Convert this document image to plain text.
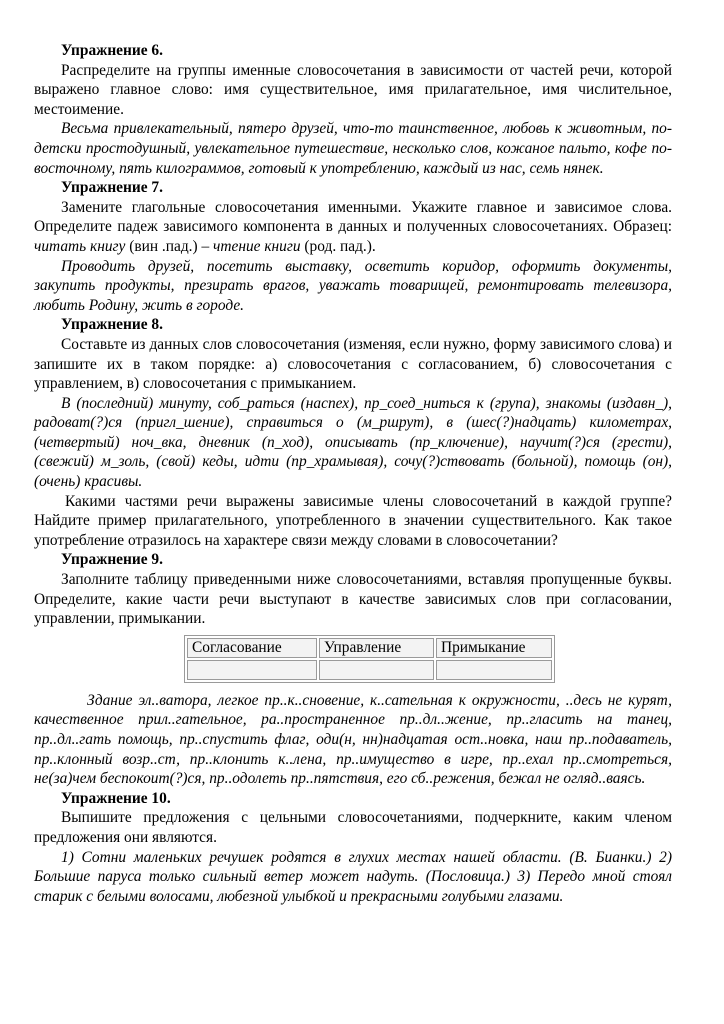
Упражнение 6.

Распределите на группы именные словосочетания в зависимости от частей речи, которой выражено главное слово: имя существительное, имя прилагательное, имя числительное, местоимение.

Весьма привлекательный, пятеро друзей, что-то таинственное, любовь к животным, по-детски простодушный, увлекательное путешествие, несколько слов, кожаное пальто, кофе по-восточному, пять килограммов, готовый к употреблению, каждый из нас, семь нянек.

Упражнение 7.

Замените глагольные словосочетания именными. Укажите главное и зависимое слова. Определите падеж зависимого компонента в данных и полученных словосочетаниях. Образец: читать книгу (вин .пад.) – чтение книги (род. пад.).

Проводить друзей, посетить выставку, осветить коридор, оформить документы, закупить продукты, презирать врагов, уважать товарищей, ремонтировать телевизора, любить Родину, жить в городе.

Упражнение 8.

Составьте из данных слов словосочетания (изменяя, если нужно, форму зависимого слова) и запишите их в таком порядке: а) словосочетания с согласованием, б) словосочетания с управлением, в) словосочетания с примыканием.

В (последний) минуту, соб_раться (наспех), пр_соед_ниться к (група), знакомы (издавн_), радоват(?)ся (пригл_шение), справиться о (м_ршрут), в (шес(?)надцать) километрах, (четвертый) ноч_вка, дневник (п_ход), описывать (пр_ключение), научит(?)ся (грести), (свежий) м_золь, (свой) кеды, идти (пр_храмывая), сочу(?)ствовать (больной), помощь (он), (очень) красивы.

Какими частями речи выражены зависимые члены словосочетаний в каждой группе? Найдите пример прилагательного, употребленного в значении существительного. Как такое употребление отразилось на характере связи между словами в словосочетании?

Упражнение 9.

Заполните таблицу приведенными ниже словосочетаниями, вставляя пропущенные буквы. Определите, какие части речи выступают в качестве зависимых слов при согласовании, управлении, примыкании.

Согласование	Управление	Примыкание

Здание эл..ватора, легкое пр..к..сновение, к..сательная к окружности, ..десь не курят, качественное прил..гательное, ра..пространенное пр..дл..жение, пр..гласить на танец, пр..дл..гать помощь, пр..спустить флаг, оди(н, нн)надцатая ост..новка, наш пр..подаватель, пр..клонный возр..ст, пр..клонить к..лена, пр..имущество в игре, пр..ехал пр..смотреться, не(за)чем беспокоит(?)ся, пр..одолеть пр..пятствия, его сб..режения, бежал не огляд..ваясь.

Упражнение 10.

Выпишите предложения с цельными словосочетаниями, подчеркните, каким членом предложения они являются.

1) Сотни маленьких речушек родятся в глухих местах нашей области. (В. Бианки.) 2) Большие паруса только сильный ветер может надуть. (Пословица.) 3) Передо мной стоял старик с белыми волосами, любезной улыбкой и прекрасными голубыми глазами.
